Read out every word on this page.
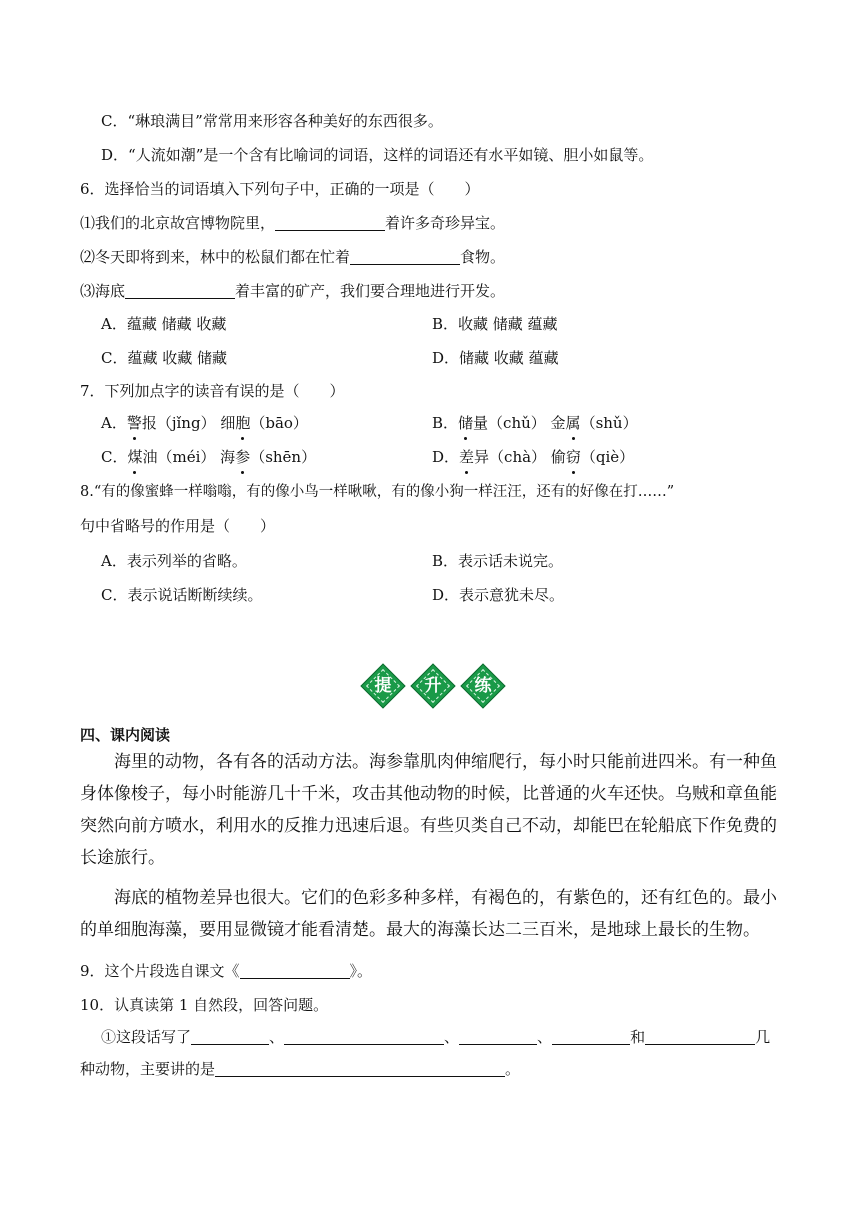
C．“琳琅满目”常常用来形容各种美好的东西很多。
D．“人流如潮”是一个含有比喻词的词语，这样的词语还有水平如镜、胆小如鼠等。
6．选择恰当的词语填入下列句子中，正确的一项是（　　）
⑴我们的北京故宫博物院里，	着许多奇珍异宝。
⑵冬天即将到来，林中的松鼠们都在忙着	食物。
⑶海底	着丰富的矿产，我们要合理地进行开发。
A．蕴藏 储藏 收藏	B．收藏 储藏 蕴藏
C．蕴藏 收藏 储藏	D．储藏 收藏 蕴藏
7．下列加点字的读音有误的是（　　）
A．警报（jǐng） 细胞（bāo）	B．储量（chǔ） 金属（shǔ）
C．煤油（méi） 海参（shēn）	D．差异（chà） 偷窃（qiè）
8.“有的像蜜蜂一样嗡嗡，有的像小鸟一样啾啾，有的像小狗一样汪汪，还有的好像在打……”
句中省略号的作用是（　　）
A．表示列举的省略。	B．表示话未说完。
C．表示说话断断续续。	D．表示意犹未尽。
提	升	练
四、课内阅读
海里的动物，各有各的活动方法。海参靠肌肉伸缩爬行，每小时只能前进四米。有一种鱼身体像梭子，每小时能游几十千米，攻击其他动物的时候，比普通的火车还快。乌贼和章鱼能突然向前方喷水，利用水的反推力迅速后退。有些贝类自己不动，却能巴在轮船底下作免费的长途旅行。
海底的植物差异也很大。它们的色彩多种多样，有褐色的，有紫色的，还有红色的。最小的单细胞海藻，要用显微镜才能看清楚。最大的海藻长达二三百米，是地球上最长的生物。
9．这个片段选自课文《	》。
10．认真读第 1 自然段，回答问题。
①这段话写了	、	、	、	和	几
种动物，主要讲的是	。
